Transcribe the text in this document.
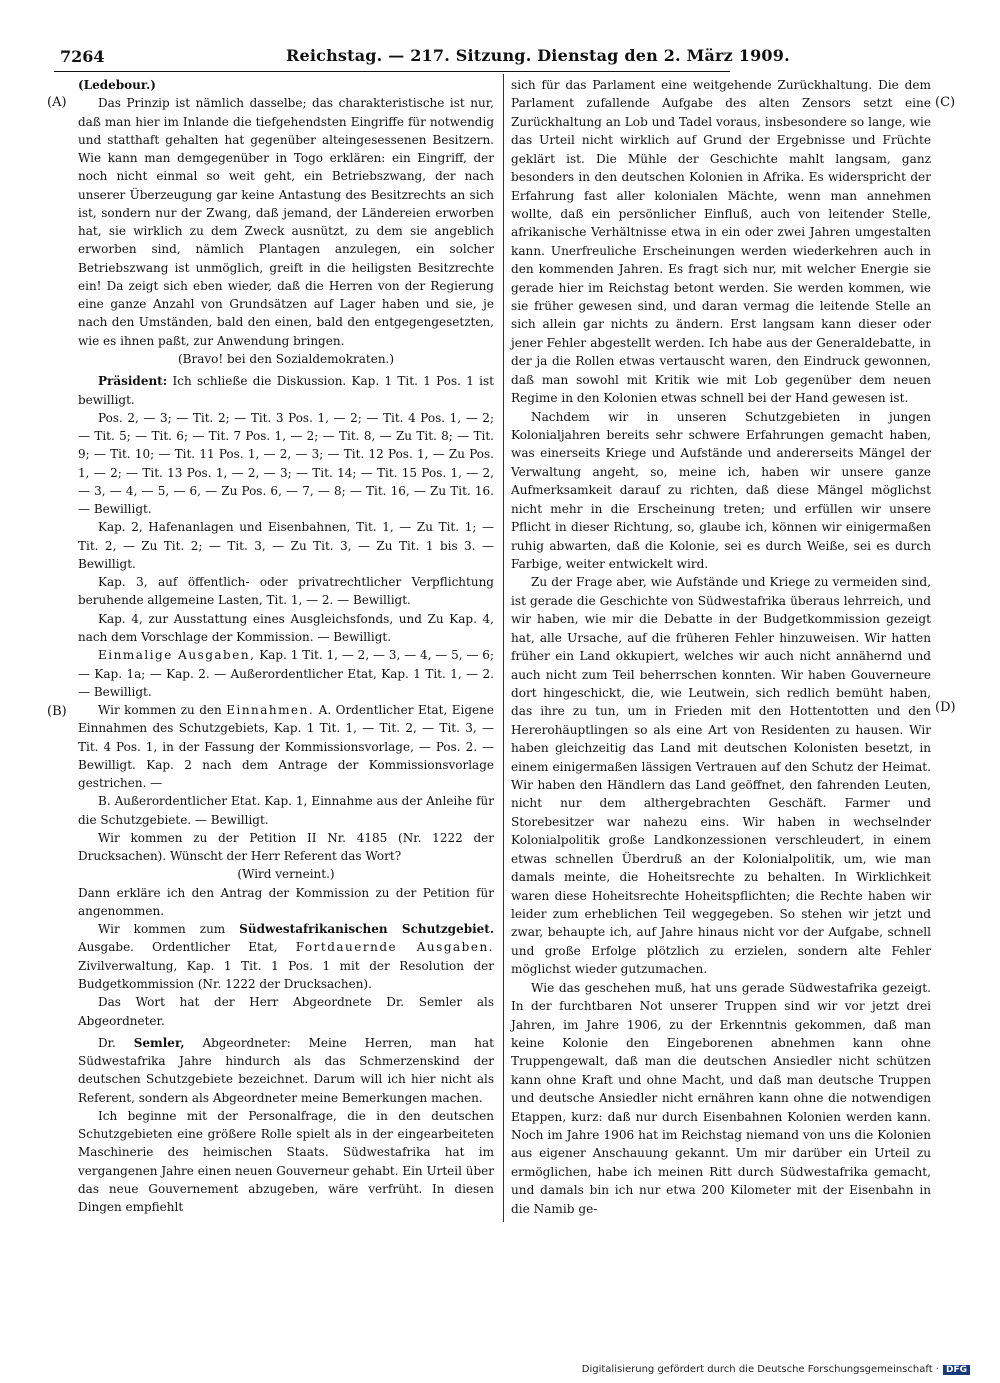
7264	Reichstag. — 217. Sitzung. Dienstag den 2. März 1909.
(A)
(B)
(C)
(D)

(Ledebour.)

Das Prinzip ist nämlich dasselbe; das charakteristische ist nur, daß man hier im Inlande die tiefgehendsten Eingriffe für notwendig und statthaft gehalten hat gegenüber alteingesessenen Besitzern. Wie kann man demgegenüber in Togo erklären: ein Eingriff, der noch nicht einmal so weit geht, ein Betriebszwang, der nach unserer Überzeugung gar keine Antastung des Besitzrechts an sich ist, sondern nur der Zwang, daß jemand, der Ländereien erworben hat, sie wirklich zu dem Zweck ausnützt, zu dem sie angeblich erworben sind, nämlich Plantagen anzulegen, ein solcher Betriebszwang ist unmöglich, greift in die heiligsten Besitzrechte ein! Da zeigt sich eben wieder, daß die Herren von der Regierung eine ganze Anzahl von Grundsätzen auf Lager haben und sie, je nach den Umständen, bald den einen, bald den entgegengesetzten, wie es ihnen paßt, zur Anwendung bringen.

(Bravo! bei den Sozialdemokraten.)

Präsident: Ich schließe die Diskussion. Kap. 1 Tit. 1 Pos. 1 ist bewilligt.

Pos. 2, — 3; — Tit. 2; — Tit. 3 Pos. 1, — 2; — Tit. 4 Pos. 1, — 2; — Tit. 5; — Tit. 6; — Tit. 7 Pos. 1, — 2; — Tit. 8, — Zu Tit. 8; — Tit. 9; — Tit. 10; — Tit. 11 Pos. 1, — 2, — 3; — Tit. 12 Pos. 1, — Zu Pos. 1, — 2; — Tit. 13 Pos. 1, — 2, — 3; — Tit. 14; — Tit. 15 Pos. 1, — 2, — 3, — 4, — 5, — 6, — Zu Pos. 6, — 7, — 8; — Tit. 16, — Zu Tit. 16. — Bewilligt.

Kap. 2, Hafenanlagen und Eisenbahnen, Tit. 1, — Zu Tit. 1; — Tit. 2, — Zu Tit. 2; — Tit. 3, — Zu Tit. 3, — Zu Tit. 1 bis 3. — Bewilligt.

Kap. 3, auf öffentlich- oder privatrechtlicher Verpflichtung beruhende allgemeine Lasten, Tit. 1, — 2. — Bewilligt.

Kap. 4, zur Ausstattung eines Ausgleichsfonds, und Zu Kap. 4, nach dem Vorschlage der Kommission. — Bewilligt.

Einmalige Ausgaben, Kap. 1 Tit. 1, — 2, — 3, — 4, — 5, — 6; — Kap. 1a; — Kap. 2. — Außerordentlicher Etat, Kap. 1 Tit. 1, — 2. — Bewilligt.

Wir kommen zu den Einnahmen. A. Ordentlicher Etat, Eigene Einnahmen des Schutzgebiets, Kap. 1 Tit. 1, — Tit. 2, — Tit. 3, — Tit. 4 Pos. 1, in der Fassung der Kommissionsvorlage, — Pos. 2. — Bewilligt. Kap. 2 nach dem Antrage der Kommissionsvorlage gestrichen. —

B. Außerordentlicher Etat. Kap. 1, Einnahme aus der Anleihe für die Schutzgebiete. — Bewilligt.

Wir kommen zu der Petition II Nr. 4185 (Nr. 1222 der Drucksachen). Wünscht der Herr Referent das Wort?

(Wird verneint.)

Dann erkläre ich den Antrag der Kommission zu der Petition für angenommen.

Wir kommen zum Südwestafrikanischen Schutzgebiet. Ausgabe. Ordentlicher Etat, Fortdauernde Ausgaben. Zivilverwaltung, Kap. 1 Tit. 1 Pos. 1 mit der Resolution der Budgetkommission (Nr. 1222 der Drucksachen).

Das Wort hat der Herr Abgeordnete Dr. Semler als Abgeordneter.

Dr. Semler, Abgeordneter: Meine Herren, man hat Südwestafrika Jahre hindurch als das Schmerzenskind der deutschen Schutzgebiete bezeichnet. Darum will ich hier nicht als Referent, sondern als Abgeordneter meine Bemerkungen machen.

Ich beginne mit der Personalfrage, die in den deutschen Schutzgebieten eine größere Rolle spielt als in der eingearbeiteten Maschinerie des heimischen Staats. Südwestafrika hat im vergangenen Jahre einen neuen Gouverneur gehabt. Ein Urteil über das neue Gouvernement abzugeben, wäre verfrüht. In diesen Dingen empfiehlt

sich für das Parlament eine weitgehende Zurückhaltung. Die dem Parlament zufallende Aufgabe des alten Zensors setzt eine Zurückhaltung an Lob und Tadel voraus, insbesondere so lange, wie das Urteil nicht wirklich auf Grund der Ergebnisse und Früchte geklärt ist. Die Mühle der Geschichte mahlt langsam, ganz besonders in den deutschen Kolonien in Afrika. Es widerspricht der Erfahrung fast aller kolonialen Mächte, wenn man annehmen wollte, daß ein persönlicher Einfluß, auch von leitender Stelle, afrikanische Verhältnisse etwa in ein oder zwei Jahren umgestalten kann. Unerfreuliche Erscheinungen werden wiederkehren auch in den kommenden Jahren. Es fragt sich nur, mit welcher Energie sie gerade hier im Reichstag betont werden. Sie werden kommen, wie sie früher gewesen sind, und daran vermag die leitende Stelle an sich allein gar nichts zu ändern. Erst langsam kann dieser oder jener Fehler abgestellt werden. Ich habe aus der Generaldebatte, in der ja die Rollen etwas vertauscht waren, den Eindruck gewonnen, daß man sowohl mit Kritik wie mit Lob gegenüber dem neuen Regime in den Kolonien etwas schnell bei der Hand gewesen ist.

Nachdem wir in unseren Schutzgebieten in jungen Kolonialjahren bereits sehr schwere Erfahrungen gemacht haben, was einerseits Kriege und Aufstände und andererseits Mängel der Verwaltung angeht, so, meine ich, haben wir unsere ganze Aufmerksamkeit darauf zu richten, daß diese Mängel möglichst nicht mehr in die Erscheinung treten; und erfüllen wir unsere Pflicht in dieser Richtung, so, glaube ich, können wir einigermaßen ruhig abwarten, daß die Kolonie, sei es durch Weiße, sei es durch Farbige, weiter entwickelt wird.

Zu der Frage aber, wie Aufstände und Kriege zu vermeiden sind, ist gerade die Geschichte von Südwestafrika überaus lehrreich, und wir haben, wie mir die Debatte in der Budgetkommission gezeigt hat, alle Ursache, auf die früheren Fehler hinzuweisen. Wir hatten früher ein Land okkupiert, welches wir auch nicht annähernd und auch nicht zum Teil beherrschen konnten. Wir haben Gouverneure dort hingeschickt, die, wie Leutwein, sich redlich bemüht haben, das ihre zu tun, um in Frieden mit den Hottentotten und den Hererohäuptlingen so als eine Art von Residenten zu hausen. Wir haben gleichzeitig das Land mit deutschen Kolonisten besetzt, in einem einigermaßen lässigen Vertrauen auf den Schutz der Heimat. Wir haben den Händlern das Land geöffnet, den fahrenden Leuten, nicht nur dem althergebrachten Geschäft. Farmer und Storebesitzer war nahezu eins. Wir haben in wechselnder Kolonialpolitik große Landkonzessionen verschleudert, in einem etwas schnellen Überdruß an der Kolonialpolitik, um, wie man damals meinte, die Hoheitsrechte zu behalten. In Wirklichkeit waren diese Hoheitsrechte Hoheitspflichten; die Rechte haben wir leider zum erheblichen Teil weggegeben. So stehen wir jetzt und zwar, behaupte ich, auf Jahre hinaus nicht vor der Aufgabe, schnell und große Erfolge plötzlich zu erzielen, sondern alte Fehler möglichst wieder gutzumachen.

Wie das geschehen muß, hat uns gerade Südwestafrika gezeigt. In der furchtbaren Not unserer Truppen sind wir vor jetzt drei Jahren, im Jahre 1906, zu der Erkenntnis gekommen, daß man keine Kolonie den Eingeborenen abnehmen kann ohne Truppengewalt, daß man die deutschen Ansiedler nicht schützen kann ohne Kraft und ohne Macht, und daß man deutsche Truppen und deutsche Ansiedler nicht ernähren kann ohne die notwendigen Etappen, kurz: daß nur durch Eisenbahnen Kolonien werden kann. Noch im Jahre 1906 hat im Reichstag niemand von uns die Kolonien aus eigener Anschauung gekannt. Um mir darüber ein Urteil zu ermöglichen, habe ich meinen Ritt durch Südwestafrika gemacht, und damals bin ich nur etwa 200 Kilometer mit der Eisenbahn in die Namib ge-

Digitalisierung gefördert durch die Deutsche Forschungsgemeinschaft · DFG
